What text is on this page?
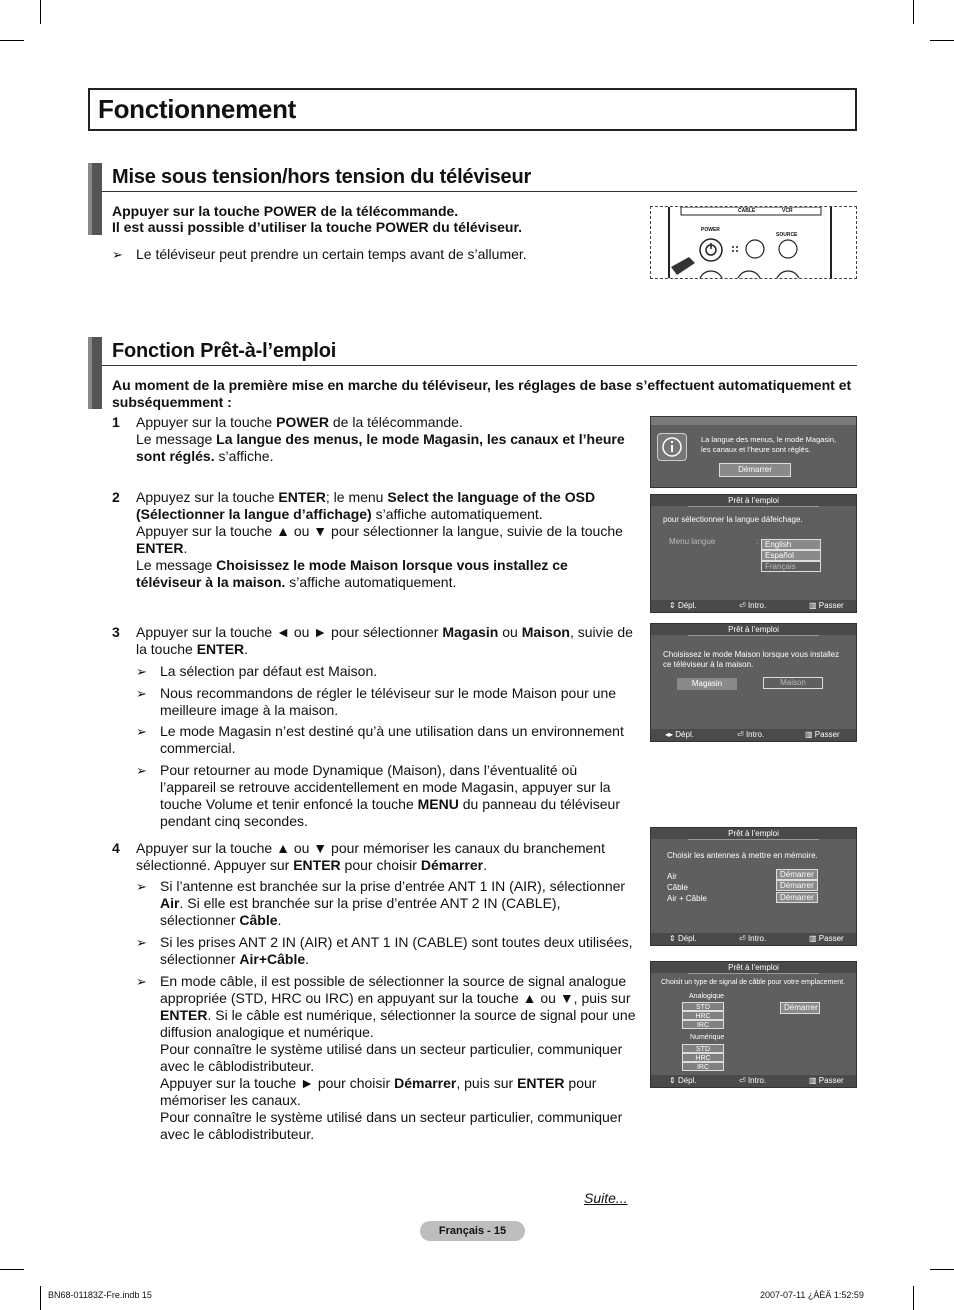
Fonctionnement
Mise sous tension/hors tension du téléviseur
Appuyer sur la touche POWER de la télécommande.
Il est aussi possible d’utiliser la touche POWER du téléviseur.
➢ Le téléviseur peut prendre un certain temps avant de s’allumer.
CABLE	VCR
POWER
SOURCE
Fonction Prêt-à-l’emploi
Au moment de la première mise en marche du téléviseur, les réglages de base s’effectuent automatiquement et subséquemment :
1 Appuyer sur la touche POWER de la télécommande.
Le message La langue des menus, le mode Magasin, les canaux et l’heure
sont réglés. s’affiche.
2 Appuyez sur la touche ENTER; le menu Select the language of the OSD
(Sélectionner la langue d’affichage) s’affiche automatiquement.
Appuyer sur la touche ▲ ou ▼ pour sélectionner la langue, suivie de la touche
ENTER.
Le message Choisissez le mode Maison lorsque vous installez ce
téléviseur à la maison. s’affiche automatiquement.
3 Appuyer sur la touche ◄ ou ► pour sélectionner Magasin ou Maison, suivie de
la touche ENTER.
➢ La sélection par défaut est Maison.
➢ Nous recommandons de régler le téléviseur sur le mode Maison pour une
meilleure image à la maison.
➢ Le mode Magasin n’est destiné qu’à une utilisation dans un environnement
commercial.
➢ Pour retourner au mode Dynamique (Maison), dans l’éventualité où
l’appareil se retrouve accidentellement en mode Magasin, appuyer sur la
touche Volume et tenir enfoncé la touche MENU du panneau du téléviseur
pendant cinq secondes.
4 Appuyer sur la touche ▲ ou ▼ pour mémoriser les canaux du branchement
sélectionné. Appuyer sur ENTER pour choisir Démarrer.
➢ Si l’antenne est branchée sur la prise d’entrée ANT 1 IN (AIR), sélectionner
Air. Si elle est branchée sur la prise d’entrée ANT 2 IN (CABLE),
sélectionner Câble.
➢ Si les prises ANT 2 IN (AIR) et ANT 1 IN (CABLE) sont toutes deux utilisées,
sélectionner Air+Câble.
➢ En mode câble, il est possible de sélectionner la source de signal analogue
appropriée (STD, HRC ou IRC) en appuyant sur la touche ▲ ou ▼, puis sur
ENTER. Si le câble est numérique, sélectionner la source de signal pour une
diffusion analogique et numérique.
Pour connaître le système utilisé dans un secteur particulier, communiquer
avec le câblodistributeur.
Appuyer sur la touche ► pour choisir Démarrer, puis sur ENTER pour
mémoriser les canaux.
Pour connaître le système utilisé dans un secteur particulier, communiquer
avec le câblodistributeur.
La langue des menus, le mode Magasin,
les canaux et l’heure sont réglés.
Démarrer
Prêt à l’emploi
pour sélectionner la langue dáfeichage.
Menu langue	: English
Español
Français
⇕ Dépl.	⏎ Intro.	▥ Passer
Prêt à l’emploi
Choisissez le mode Maison lorsque vous installez
ce téléviseur à la maison.
Magasin	Maison
◂▸ Dépl.	⏎ Intro.	▥ Passer
Prêt à l’emploi
Choisir les antennes à mettre en mémoire.
Air
Câble
Air + Câble
Démarrer
Démarrer
Démarrer
⇕ Dépl.	⏎ Intro.	▥ Passer
Prêt à l’emploi
Choisit un type de signal de câble pour votre emplacement.
Analogique
STD
HRC
IRC
Numérique
STD
HRC
IRC
Démarrer
⇕ Dépl.	⏎ Intro.	▥ Passer
Suite...
Français - 15
BN68-01183Z-Fre.indb 15	2007-07-11 ¿ÀÈÄ 1:52:59
